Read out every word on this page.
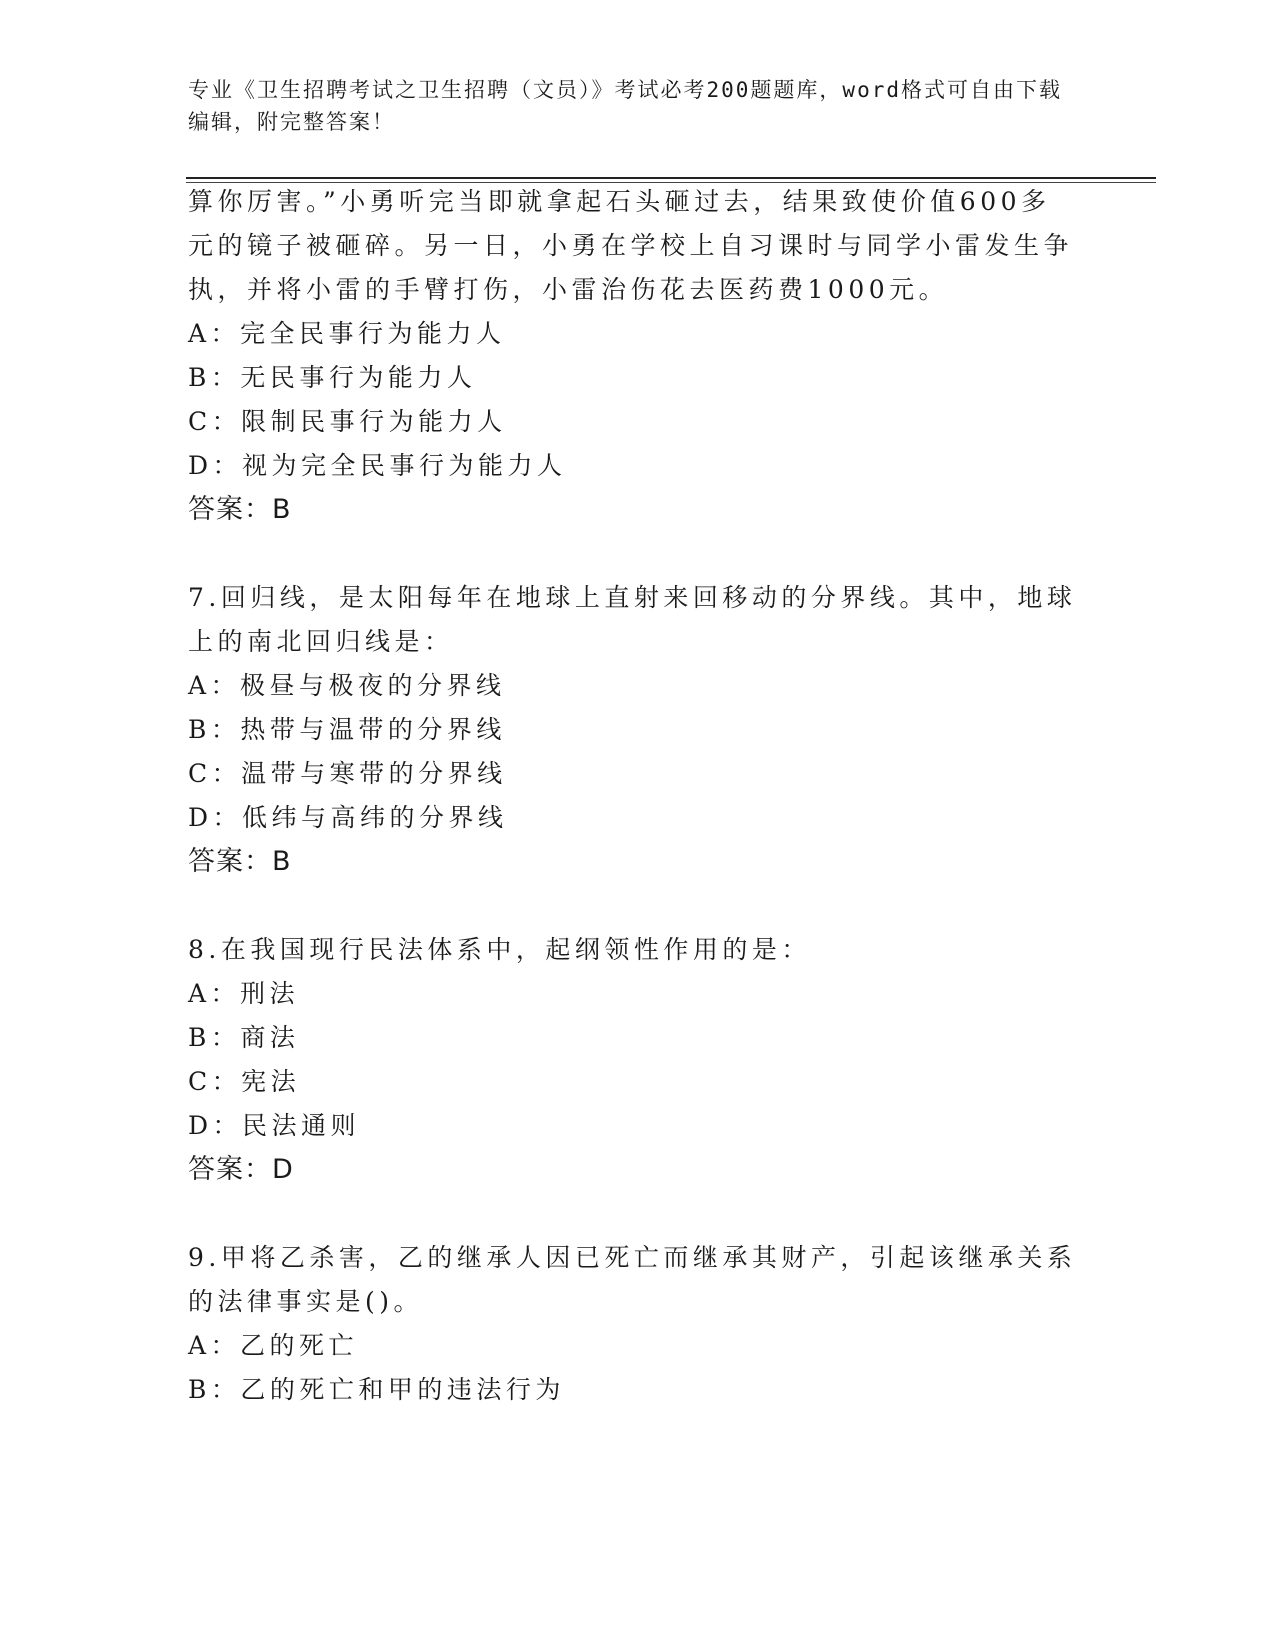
专业《卫生招聘考试之卫生招聘（文员）》考试必考200题题库，word格式可自由下载编辑，附完整答案！
算你厉害。”小勇听完当即就拿起石头砸过去，结果致使价值600多
元的镜子被砸碎。另一日，小勇在学校上自习课时与同学小雷发生争
执，并将小雷的手臂打伤，小雷治伤花去医药费1000元。
A：完全民事行为能力人
B：无民事行为能力人
C：限制民事行为能力人
D：视为完全民事行为能力人
答案：B
7.回归线，是太阳每年在地球上直射来回移动的分界线。其中，地球
上的南北回归线是：
A：极昼与极夜的分界线
B：热带与温带的分界线
C：温带与寒带的分界线
D：低纬与高纬的分界线
答案：B
8.在我国现行民法体系中，起纲领性作用的是：
A：刑法
B：商法
C：宪法
D：民法通则
答案：D
9.甲将乙杀害，乙的继承人因已死亡而继承其财产，引起该继承关系
的法律事实是()。
A：乙的死亡
B：乙的死亡和甲的违法行为
